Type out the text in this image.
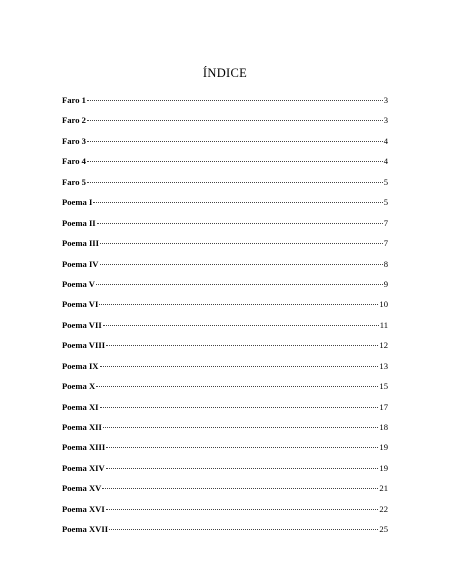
ÍNDICE
Faro 1	3
Faro 2	3
Faro 3	4
Faro 4	4
Faro 5	5
Poema I	5
Poema II	7
Poema III	7
Poema IV	8
Poema V	9
Poema VI	10
Poema VII	11
Poema VIII	12
Poema IX	13
Poema X	15
Poema XI	17
Poema XII	18
Poema XIII	19
Poema XIV	19
Poema XV	21
Poema XVI	22
Poema XVII	25
